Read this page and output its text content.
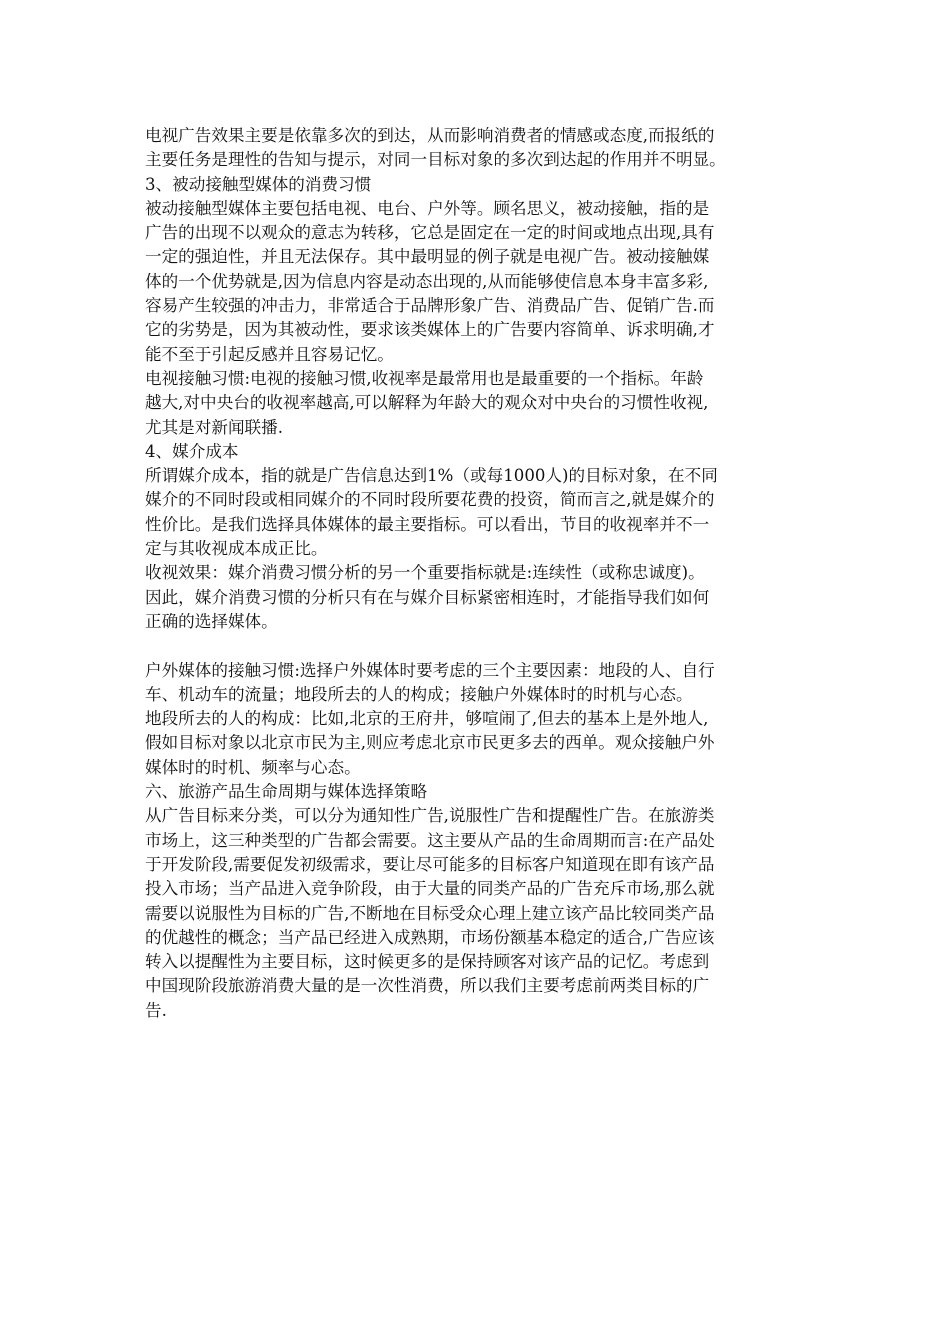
电视广告效果主要是依靠多次的到达，从而影响消费者的情感或态度,而报纸的
主要任务是理性的告知与提示，对同一目标对象的多次到达起的作用并不明显。
3、被动接触型媒体的消费习惯
被动接触型媒体主要包括电视、电台、户外等。顾名思义，被动接触，指的是
广告的出现不以观众的意志为转移，它总是固定在一定的时间或地点出现,具有
一定的强迫性，并且无法保存。其中最明显的例子就是电视广告。被动接触媒
体的一个优势就是,因为信息内容是动态出现的,从而能够使信息本身丰富多彩,
容易产生较强的冲击力，非常适合于品牌形象广告、消费品广告、促销广告.而
它的劣势是，因为其被动性，要求该类媒体上的广告要内容简单、诉求明确,才
能不至于引起反感并且容易记忆。
电视接触习惯:电视的接触习惯,收视率是最常用也是最重要的一个指标。年龄
越大,对中央台的收视率越高,可以解释为年龄大的观众对中央台的习惯性收视,
尤其是对新闻联播.
4、媒介成本
所谓媒介成本，指的就是广告信息达到1%（或每1000人)的目标对象，在不同
媒介的不同时段或相同媒介的不同时段所要花费的投资，简而言之,就是媒介的
性价比。是我们选择具体媒体的最主要指标。可以看出，节目的收视率并不一
定与其收视成本成正比。
收视效果：媒介消费习惯分析的另一个重要指标就是:连续性（或称忠诚度)。
因此，媒介消费习惯的分析只有在与媒介目标紧密相连时，才能指导我们如何
正确的选择媒体。
户外媒体的接触习惯:选择户外媒体时要考虑的三个主要因素：地段的人、自行
车、机动车的流量；地段所去的人的构成；接触户外媒体时的时机与心态。
地段所去的人的构成：比如,北京的王府井，够喧闹了,但去的基本上是外地人,
假如目标对象以北京市民为主,则应考虑北京市民更多去的西单。观众接触户外
媒体时的时机、频率与心态。
六、旅游产品生命周期与媒体选择策略
从广告目标来分类，可以分为通知性广告,说服性广告和提醒性广告。在旅游类
市场上，这三种类型的广告都会需要。这主要从产品的生命周期而言:在产品处
于开发阶段,需要促发初级需求，要让尽可能多的目标客户知道现在即有该产品
投入市场；当产品进入竞争阶段，由于大量的同类产品的广告充斥市场,那么就
需要以说服性为目标的广告,不断地在目标受众心理上建立该产品比较同类产品
的优越性的概念；当产品已经进入成熟期，市场份额基本稳定的适合,广告应该
转入以提醒性为主要目标，这时候更多的是保持顾客对该产品的记忆。考虑到
中国现阶段旅游消费大量的是一次性消费，所以我们主要考虑前两类目标的广
告.
